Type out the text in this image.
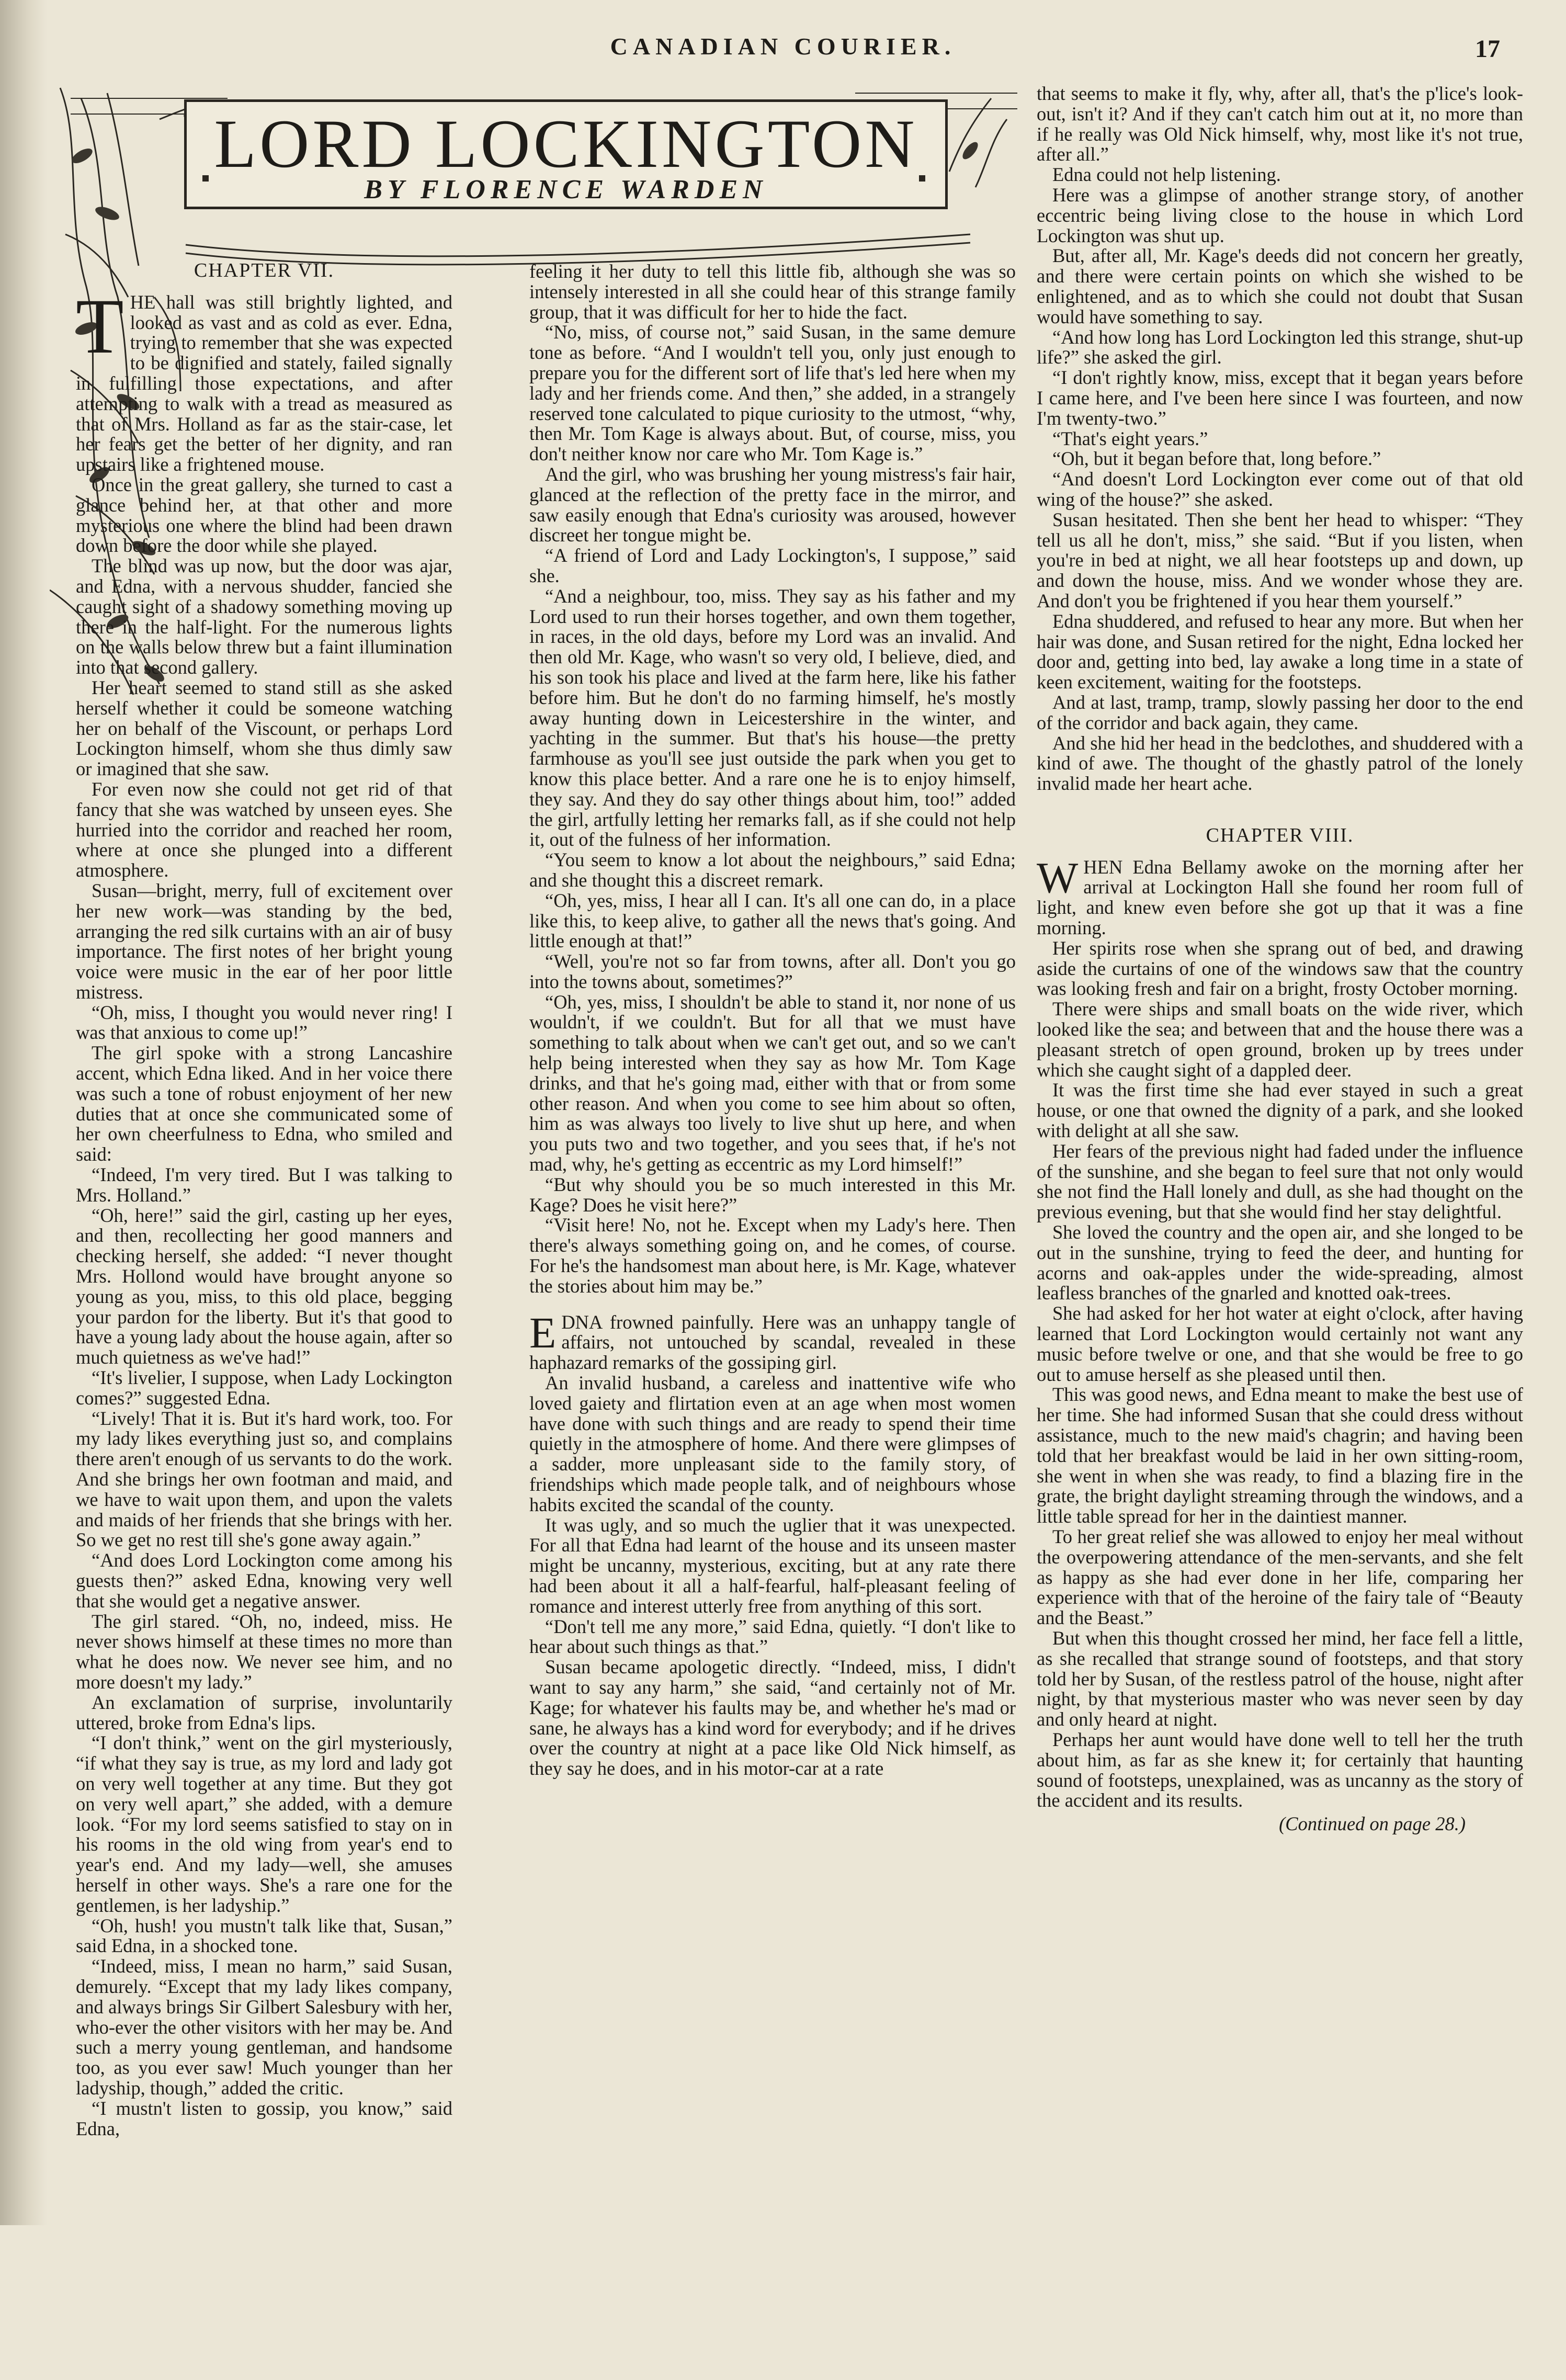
CANADIAN COURIER.	17
LORD LOCKINGTON
BY FLORENCE WARDEN
CHAPTER VII.

THE hall was still brightly lighted, and looked as vast and as cold as ever. Edna, trying to remember that she was expected to be dignified and stately, failed signally in fulfilling those expectations, and after attempting to walk with a tread as measured as that of Mrs. Holland as far as the stair-case, let her fears get the better of her dignity, and ran upstairs like a frightened mouse.

Once in the great gallery, she turned to cast a glance behind her, at that other and more mysterious one where the blind had been drawn down before the door while she played.

The blind was up now, but the door was ajar, and Edna, with a nervous shudder, fancied she caught sight of a shadowy something moving up there in the half-light. For the numerous lights on the walls below threw but a faint illumination into that second gallery.

Her heart seemed to stand still as she asked herself whether it could be someone watching her on behalf of the Viscount, or perhaps Lord Lockington himself, whom she thus dimly saw or imagined that she saw.

For even now she could not get rid of that fancy that she was watched by unseen eyes. She hurried into the corridor and reached her room, where at once she plunged into a different atmosphere.

Susan—bright, merry, full of excitement over her new work—was standing by the bed, arranging the red silk curtains with an air of busy importance. The first notes of her bright young voice were music in the ear of her poor little mistress.

“Oh, miss, I thought you would never ring! I was that anxious to come up!”

The girl spoke with a strong Lancashire accent, which Edna liked. And in her voice there was such a tone of robust enjoyment of her new duties that at once she communicated some of her own cheerfulness to Edna, who smiled and said:

“Indeed, I'm very tired. But I was talking to Mrs. Holland.”

“Oh, here!” said the girl, casting up her eyes, and then, recollecting her good manners and checking herself, she added: “I never thought Mrs. Hollond would have brought anyone so young as you, miss, to this old place, begging your pardon for the liberty. But it's that good to have a young lady about the house again, after so much quietness as we've had!”

“It's livelier, I suppose, when Lady Lockington comes?” suggested Edna.

“Lively! That it is. But it's hard work, too. For my lady likes everything just so, and complains there aren't enough of us servants to do the work. And she brings her own footman and maid, and we have to wait upon them, and upon the valets and maids of her friends that she brings with her. So we get no rest till she's gone away again.”

“And does Lord Lockington come among his guests then?” asked Edna, knowing very well that she would get a negative answer.

The girl stared. “Oh, no, indeed, miss. He never shows himself at these times no more than what he does now. We never see him, and no more doesn't my lady.”

An exclamation of surprise, involuntarily uttered, broke from Edna's lips.

“I don't think,” went on the girl mysteriously, “if what they say is true, as my lord and lady got on very well together at any time. But they got on very well apart,” she added, with a demure look. “For my lord seems satisfied to stay on in his rooms in the old wing from year's end to year's end. And my lady—well, she amuses herself in other ways. She's a rare one for the gentlemen, is her ladyship.”

“Oh, hush! you mustn't talk like that, Susan,” said Edna, in a shocked tone.

“Indeed, miss, I mean no harm,” said Susan, demurely. “Except that my lady likes company, and always brings Sir Gilbert Salesbury with her, who-ever the other visitors with her may be. And such a merry young gentleman, and handsome too, as you ever saw! Much younger than her ladyship, though,” added the critic.

“I mustn't listen to gossip, you know,” said Edna,

feeling it her duty to tell this little fib, although she was so intensely interested in all she could hear of this strange family group, that it was difficult for her to hide the fact.

“No, miss, of course not,” said Susan, in the same demure tone as before. “And I wouldn't tell you, only just enough to prepare you for the different sort of life that's led here when my lady and her friends come. And then,” she added, in a strangely reserved tone calculated to pique curiosity to the utmost, “why, then Mr. Tom Kage is always about. But, of course, miss, you don't neither know nor care who Mr. Tom Kage is.”

And the girl, who was brushing her young mistress's fair hair, glanced at the reflection of the pretty face in the mirror, and saw easily enough that Edna's curiosity was aroused, however discreet her tongue might be.

“A friend of Lord and Lady Lockington's, I suppose,” said she.

“And a neighbour, too, miss. They say as his father and my Lord used to run their horses together, and own them together, in races, in the old days, before my Lord was an invalid. And then old Mr. Kage, who wasn't so very old, I believe, died, and his son took his place and lived at the farm here, like his father before him. But he don't do no farming himself, he's mostly away hunting down in Leicestershire in the winter, and yachting in the summer. But that's his house—the pretty farmhouse as you'll see just outside the park when you get to know this place better. And a rare one he is to enjoy himself, they say. And they do say other things about him, too!” added the girl, artfully letting her remarks fall, as if she could not help it, out of the fulness of her information.

“You seem to know a lot about the neighbours,” said Edna; and she thought this a discreet remark.

“Oh, yes, miss, I hear all I can. It's all one can do, in a place like this, to keep alive, to gather all the news that's going. And little enough at that!”

“Well, you're not so far from towns, after all. Don't you go into the towns about, sometimes?”

“Oh, yes, miss, I shouldn't be able to stand it, nor none of us wouldn't, if we couldn't. But for all that we must have something to talk about when we can't get out, and so we can't help being interested when they say as how Mr. Tom Kage drinks, and that he's going mad, either with that or from some other reason. And when you come to see him about so often, him as was always too lively to live shut up here, and when you puts two and two together, and you sees that, if he's not mad, why, he's getting as eccentric as my Lord himself!”

“But why should you be so much interested in this Mr. Kage? Does he visit here?”

“Visit here! No, not he. Except when my Lady's here. Then there's always something going on, and he comes, of course. For he's the handsomest man about here, is Mr. Kage, whatever the stories about him may be.”

EDNA frowned painfully. Here was an unhappy tangle of affairs, not untouched by scandal, revealed in these haphazard remarks of the gossiping girl.

An invalid husband, a careless and inattentive wife who loved gaiety and flirtation even at an age when most women have done with such things and are ready to spend their time quietly in the atmosphere of home. And there were glimpses of a sadder, more unpleasant side to the family story, of friendships which made people talk, and of neighbours whose habits excited the scandal of the county.

It was ugly, and so much the uglier that it was unexpected. For all that Edna had learnt of the house and its unseen master might be uncanny, mysterious, exciting, but at any rate there had been about it all a half-fearful, half-pleasant feeling of romance and interest utterly free from anything of this sort.

“Don't tell me any more,” said Edna, quietly. “I don't like to hear about such things as that.”

Susan became apologetic directly. “Indeed, miss, I didn't want to say any harm,” she said, “and certainly not of Mr. Kage; for whatever his faults may be, and whether he's mad or sane, he always has a kind word for everybody; and if he drives over the country at night at a pace like Old Nick himself, as they say he does, and in his motor-car at a rate

that seems to make it fly, why, after all, that's the p'lice's look-out, isn't it? And if they can't catch him out at it, no more than if he really was Old Nick himself, why, most like it's not true, after all.”

Edna could not help listening.

Here was a glimpse of another strange story, of another eccentric being living close to the house in which Lord Lockington was shut up.

But, after all, Mr. Kage's deeds did not concern her greatly, and there were certain points on which she wished to be enlightened, and as to which she could not doubt that Susan would have something to say.

“And how long has Lord Lockington led this strange, shut-up life?” she asked the girl.

“I don't rightly know, miss, except that it began years before I came here, and I've been here since I was fourteen, and now I'm twenty-two.”

“That's eight years.”

“Oh, but it began before that, long before.”

“And doesn't Lord Lockington ever come out of that old wing of the house?” she asked.

Susan hesitated. Then she bent her head to whisper: “They tell us all he don't, miss,” she said. “But if you listen, when you're in bed at night, we all hear footsteps up and down, up and down the house, miss. And we wonder whose they are. And don't you be frightened if you hear them yourself.”

Edna shuddered, and refused to hear any more. But when her hair was done, and Susan retired for the night, Edna locked her door and, getting into bed, lay awake a long time in a state of keen excitement, waiting for the footsteps.

And at last, tramp, tramp, slowly passing her door to the end of the corridor and back again, they came.

And she hid her head in the bedclothes, and shuddered with a kind of awe. The thought of the ghastly patrol of the lonely invalid made her heart ache.

CHAPTER VIII.

WHEN Edna Bellamy awoke on the morning after her arrival at Lockington Hall she found her room full of light, and knew even before she got up that it was a fine morning.

Her spirits rose when she sprang out of bed, and drawing aside the curtains of one of the windows saw that the country was looking fresh and fair on a bright, frosty October morning.

There were ships and small boats on the wide river, which looked like the sea; and between that and the house there was a pleasant stretch of open ground, broken up by trees under which she caught sight of a dappled deer.

It was the first time she had ever stayed in such a great house, or one that owned the dignity of a park, and she looked with delight at all she saw.

Her fears of the previous night had faded under the influence of the sunshine, and she began to feel sure that not only would she not find the Hall lonely and dull, as she had thought on the previous evening, but that she would find her stay delightful.

She loved the country and the open air, and she longed to be out in the sunshine, trying to feed the deer, and hunting for acorns and oak-apples under the wide-spreading, almost leafless branches of the gnarled and knotted oak-trees.

She had asked for her hot water at eight o'clock, after having learned that Lord Lockington would certainly not want any music before twelve or one, and that she would be free to go out to amuse herself as she pleased until then.

This was good news, and Edna meant to make the best use of her time. She had informed Susan that she could dress without assistance, much to the new maid's chagrin; and having been told that her breakfast would be laid in her own sitting-room, she went in when she was ready, to find a blazing fire in the grate, the bright daylight streaming through the windows, and a little table spread for her in the daintiest manner.

To her great relief she was allowed to enjoy her meal without the overpowering attendance of the men-servants, and she felt as happy as she had ever done in her life, comparing her experience with that of the heroine of the fairy tale of “Beauty and the Beast.”

But when this thought crossed her mind, her face fell a little, as she recalled that strange sound of footsteps, and that story told her by Susan, of the restless patrol of the house, night after night, by that mysterious master who was never seen by day and only heard at night.

Perhaps her aunt would have done well to tell her the truth about him, as far as she knew it; for certainly that haunting sound of footsteps, unexplained, was as uncanny as the story of the accident and its results.

(Continued on page 28.)
